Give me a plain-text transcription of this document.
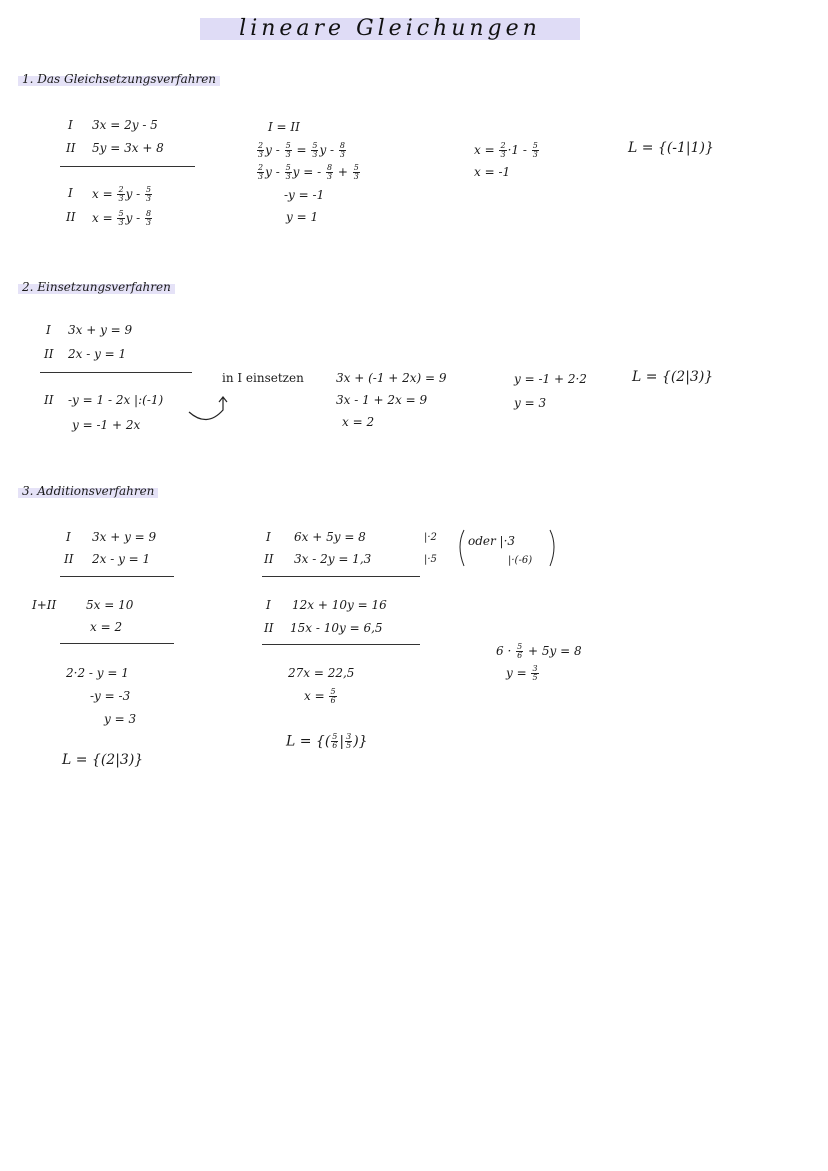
lineare Gleichungen
1. Das Gleichsetzungsverfahren
I 3x = 2y - 5
II 5y = 3x + 8
I $x = \frac{2}{3}$ y - $\frac{5}{3}$
II $x = \frac{5}{3}$ y - $\frac{8}{3}$
I = II
$\frac{2}{3}$ $y - \frac{5}{3} = \frac{5}{3}$ y - $\frac{8}{3}$
$\frac{2}{3}$ y - $\frac{5}{3}$ y = - $\frac{8}{3} + \frac{5}{3}$
-y = -1
y = 1
$x = \frac{2}{3} \cdot 1 - \frac{5}{3}$
x = -1
L = {(-1|1)}
2. Einsetzungsverfahren
I 3x + y = 9
II 2x - y = 1
II -y = 1 - 2x |:(-1)
y = -1 + 2x
in I einsetzen	3x + (-1 + 2x) = 9
3x - 1 + 2x = 9
x = 2
y = -1 + 2·2
y = 3
L = {(2|3)}
3. Additionsverfahren
I 3x + y = 9
II 2x - y = 1
I+II 5x = 10
x = 2
2·2 - y = 1
-y = -3
y = 3
L = {(2|3)}
I 6x + 5y = 8	|·2
II 3x - 2y = 1,3	|·5
oder |·3
|·(-6)
I 12x + 10y = 16
II 15x - 10y = 6,5
27x = 22,5
$x = \frac{5}{6}$
L = {( $\frac{5}{6}$ | $\frac{3}{5}$ )}
$6 \cdot \frac{5}{6} + 5y = 8$
$y = \frac{3}{5}$
